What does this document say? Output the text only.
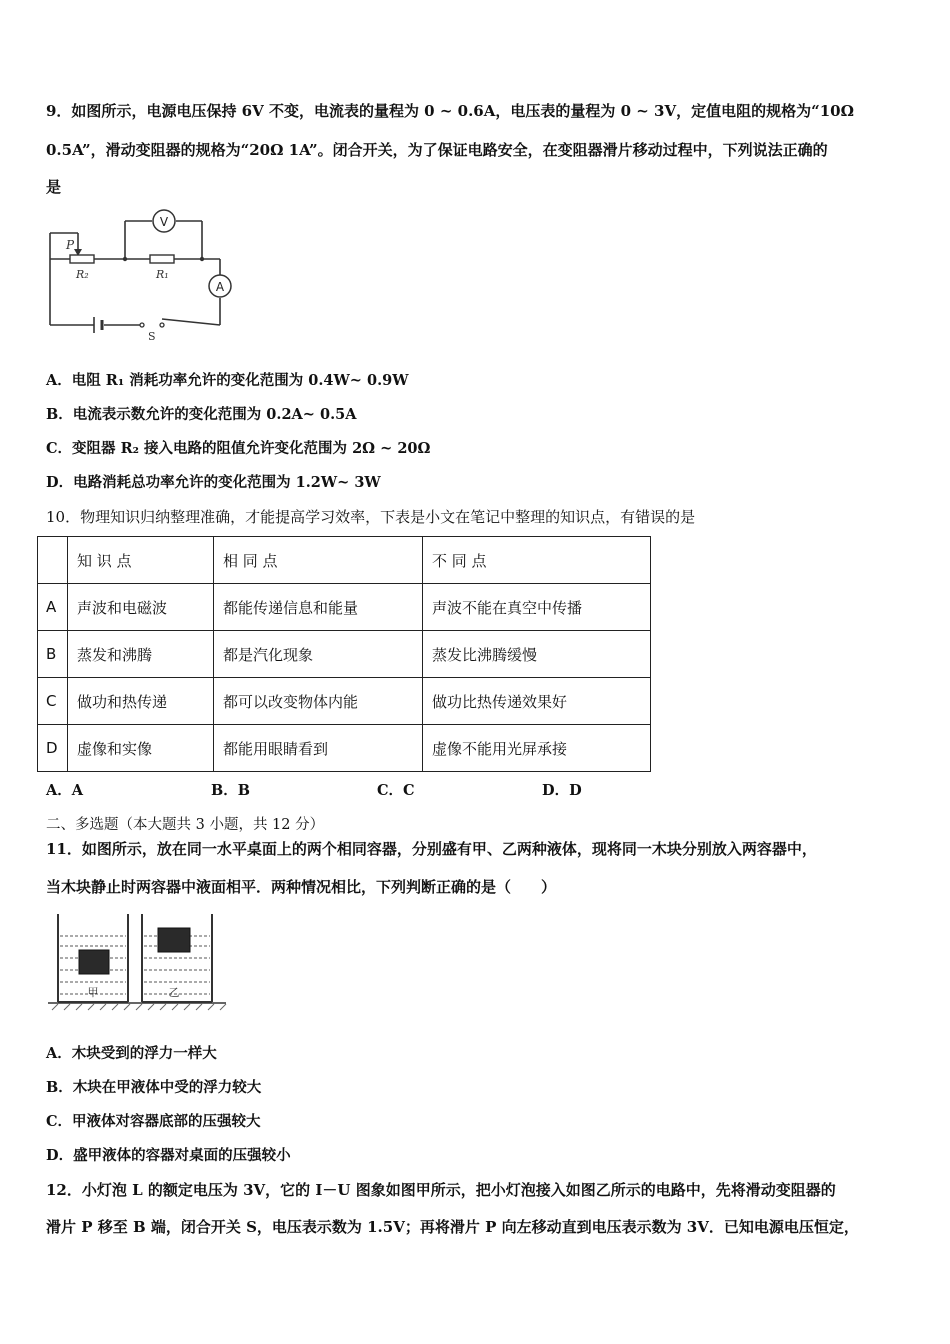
9．如图所示，电源电压保持 6V 不变，电流表的量程为 0 ~ 0.6A，电压表的量程为 0 ~ 3V，定值电阻的规格为“10Ω
0.5A”，滑动变阻器的规格为“20Ω 1A”。闭合开关，为了保证电路安全，在变阻器滑片移动过程中，下列说法正确的
是
V
A
P
R₂	R₁
S
A．电阻 R₁ 消耗功率允许的变化范围为 0.4W~ 0.9W
B．电流表示数允许的变化范围为 0.2A~ 0.5A
C．变阻器 R₂ 接入电路的阻值允许变化范围为 2Ω ~ 20Ω
D．电路消耗总功率允许的变化范围为 1.2W~ 3W
10．物理知识归纳整理准确，才能提高学习效率，下表是小文在笔记中整理的知识点，有错误的是
	知 识 点	相 同 点	不 同 点
A	声波和电磁波	都能传递信息和能量	声波不能在真空中传播
B	蒸发和沸腾	都是汽化现象	蒸发比沸腾缓慢
C	做功和热传递	都可以改变物体内能	做功比热传递效果好
D	虚像和实像	都能用眼睛看到	虚像不能用光屏承接
A．A	B．B	C．C	D．D
二、多选题（本大题共 3 小题，共 12 分）
11．如图所示，放在同一水平桌面上的两个相同容器，分别盛有甲、乙两种液体，现将同一木块分别放入两容器中，
当木块静止时两容器中液面相平．两种情况相比，下列判断正确的是（　　）
甲	乙
A．木块受到的浮力一样大
B．木块在甲液体中受的浮力较大
C．甲液体对容器底部的压强较大
D．盛甲液体的容器对桌面的压强较小
12．小灯泡 L 的额定电压为 3V，它的 I－U 图象如图甲所示，把小灯泡接入如图乙所示的电路中，先将滑动变阻器的
滑片 P 移至 B 端，闭合开关 S，电压表示数为 1.5V；再将滑片 P 向左移动直到电压表示数为 3V．已知电源电压恒定，
